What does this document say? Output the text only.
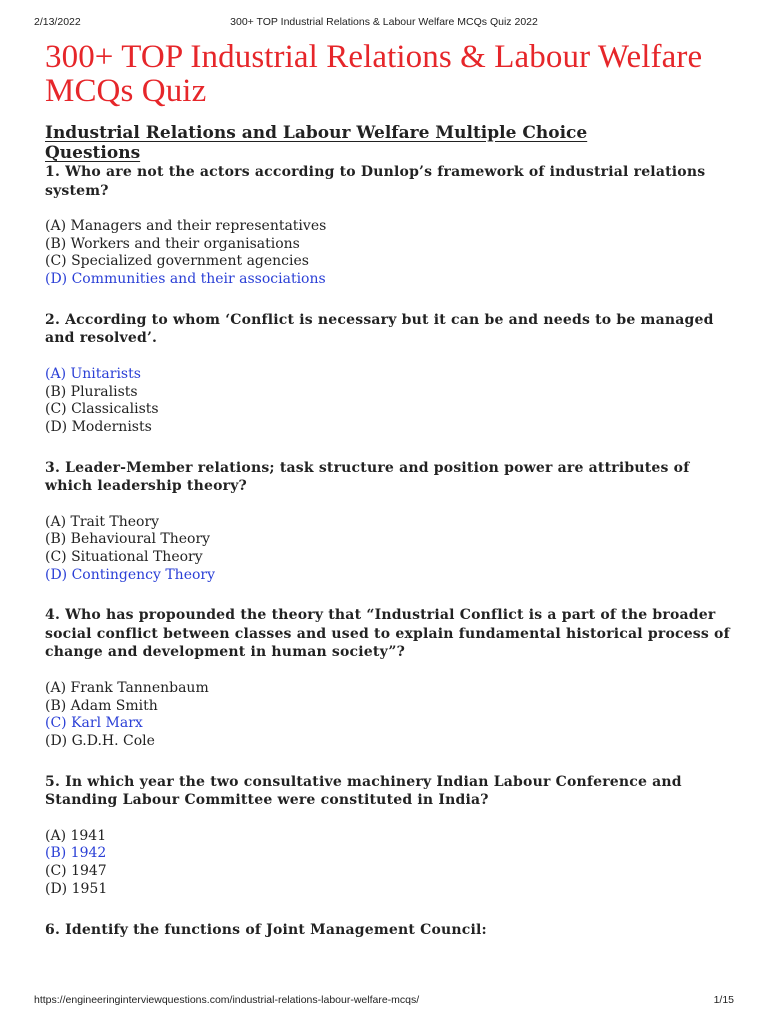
2/13/2022	300+ TOP Industrial Relations & Labour Welfare MCQs Quiz 2022
300+ TOP Industrial Relations & Labour Welfare MCQs Quiz
Industrial Relations and Labour Welfare Multiple Choice Questions

1. Who are not the actors according to Dunlop’s framework of industrial relations system?

(A) Managers and their representatives
(B) Workers and their organisations
(C) Specialized government agencies
(D) Communities and their associations

2. According to whom ‘Conflict is necessary but it can be and needs to be managed and resolved’.

(A) Unitarists
(B) Pluralists
(C) Classicalists
(D) Modernists

3. Leader-Member relations; task structure and position power are attributes of which leadership theory?

(A) Trait Theory
(B) Behavioural Theory
(C) Situational Theory
(D) Contingency Theory

4. Who has propounded the theory that “Industrial Conflict is a part of the broader social conflict between classes and used to explain fundamental historical process of change and development in human society”?

(A) Frank Tannenbaum
(B) Adam Smith
(C) Karl Marx
(D) G.D.H. Cole

5. In which year the two consultative machinery Indian Labour Conference and Standing Labour Committee were constituted in India?

(A) 1941
(B) 1942
(C) 1947
(D) 1951

6. Identify the functions of Joint Management Council:

https://engineeringinterviewquestions.com/industrial-relations-labour-welfare-mcqs/	1/15
